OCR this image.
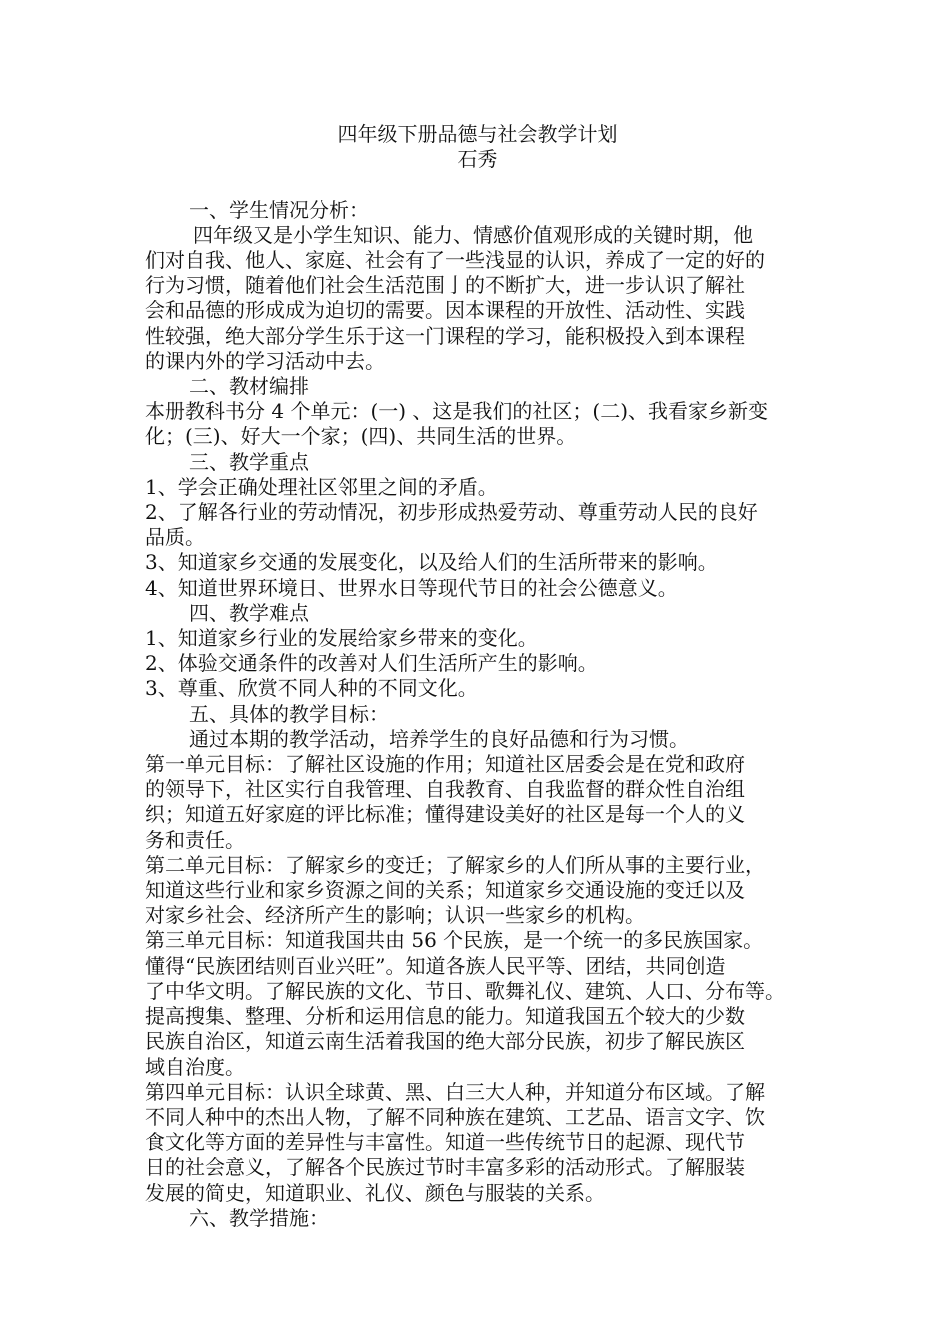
四年级下册品德与社会教学计划
石秀
一、学生情况分析：
四年级又是小学生知识、能力、情感价值观形成的关键时期，他
们对自我、他人、家庭、社会有了一些浅显的认识，养成了一定的好的
行为习惯，随着他们社会生活范围亅的不断扩大，进一步认识了解社
会和品德的形成成为迫切的需要。因本课程的开放性、活动性、实践
性较强，绝大部分学生乐于这一门课程的学习，能积极投入到本课程
的课内外的学习活动中去。
二、教材编排
本册教科书分 4 个单元：(一) 、这是我们的社区；(二)、我看家乡新变
化；(三)、好大一个家；(四)、共同生活的世界。
三、教学重点
1、学会正确处理社区邻里之间的矛盾。
2、了解各行业的劳动情况，初步形成热爱劳动、尊重劳动人民的良好
品质。
3、知道家乡交通的发展变化，以及给人们的生活所带来的影响。
4、知道世界环境日、世界水日等现代节日的社会公德意义。
四、教学难点
1、知道家乡行业的发展给家乡带来的变化。
2、体验交通条件的改善对人们生活所产生的影响。
3、尊重、欣赏不同人种的不同文化。
五、具体的教学目标：
通过本期的教学活动，培养学生的良好品德和行为习惯。
第一单元目标：了解社区设施的作用；知道社区居委会是在党和政府
的领导下，社区实行自我管理、自我教育、自我监督的群众性自治组
织；知道五好家庭的评比标准；懂得建设美好的社区是每一个人的义
务和责任。
第二单元目标：了解家乡的变迁；了解家乡的人们所从事的主要行业，
知道这些行业和家乡资源之间的关系；知道家乡交通设施的变迁以及
对家乡社会、经济所产生的影响；认识一些家乡的机构。
第三单元目标：知道我国共由 56 个民族，是一个统一的多民族国家。
懂得“民族团结则百业兴旺”。知道各族人民平等、团结，共同创造
了中华文明。了解民族的文化、节日、歌舞礼仪、建筑、人口、分布等。
提高搜集、整理、分析和运用信息的能力。知道我国五个较大的少数
民族自治区，知道云南生活着我国的绝大部分民族，初步了解民族区
域自治度。
第四单元目标：认识全球黄、黑、白三大人种，并知道分布区域。了解
不同人种中的杰出人物，了解不同种族在建筑、工艺品、语言文字、饮
食文化等方面的差异性与丰富性。知道一些传统节日的起源、现代节
日的社会意义，了解各个民族过节时丰富多彩的活动形式。了解服装
发展的简史，知道职业、礼仪、颜色与服装的关系。
六、教学措施：
